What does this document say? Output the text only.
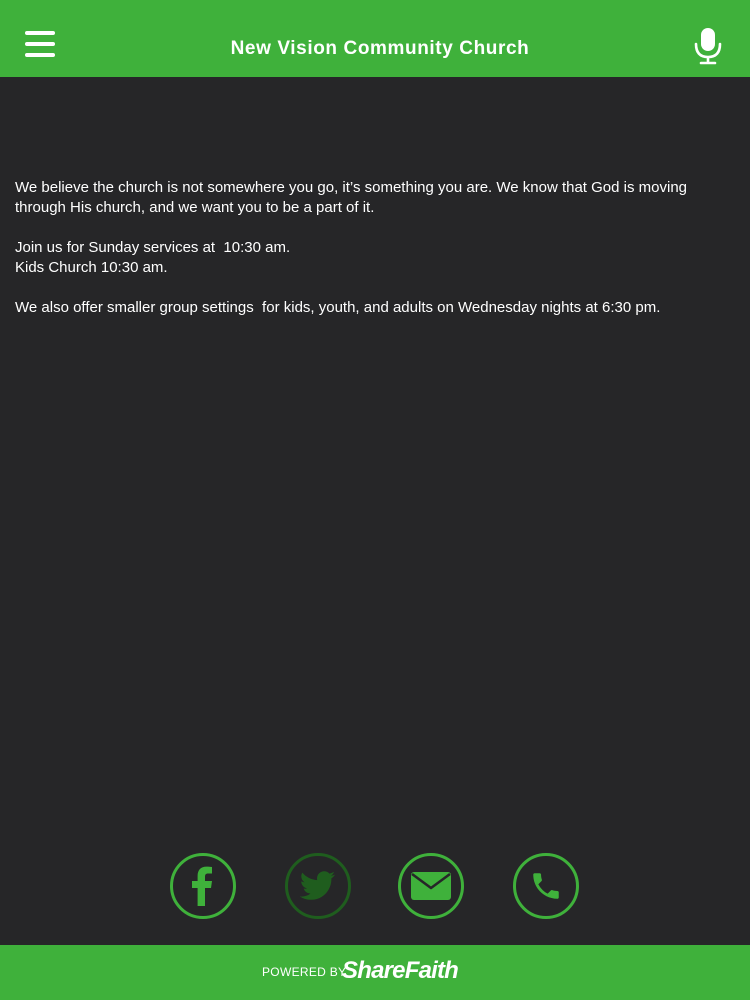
New Vision Community Church

We believe the church is not somewhere you go, it’s something you are. We know that God is moving through His church, and we want you to be a part of it.

Join us for Sunday services at  10:30 am.

Kids Church 10:30 am.

We also offer smaller group settings  for kids, youth, and adults on Wednesday nights at 6:30 pm.

POWERED BY
ShareFaith
